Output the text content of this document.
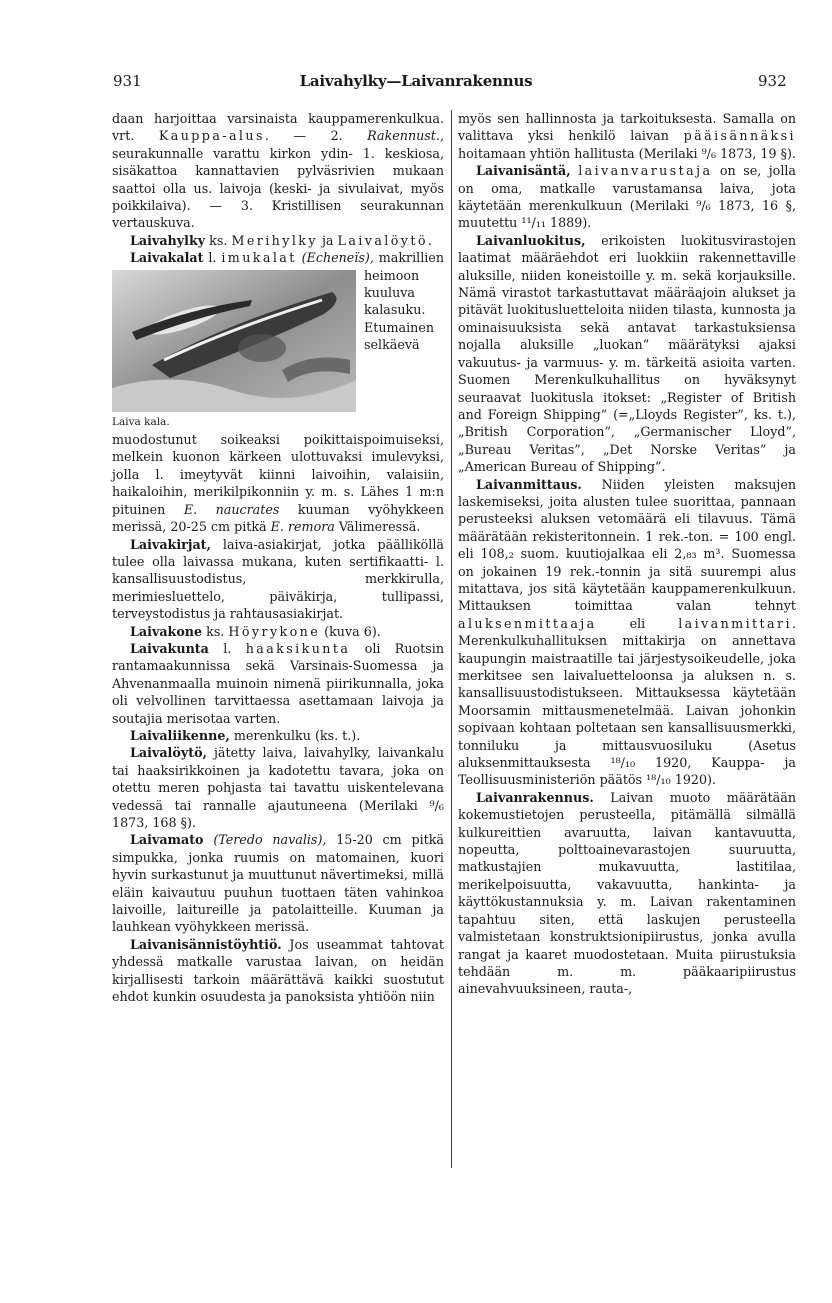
931	Laivahylky—Laivanrakennus	932

daan harjoittaa varsinaista kauppamerenkulkua. vrt. Kauppa-alus. — 2. Rakennust., seurakunnalle varattu kirkon ydin- 1. keskiosa, sisäkattoa kannattavien pylväsrivien mukaan saattoi olla us. laivoja (keski- ja sivulaivat, myös poikkilaiva). — 3. Kristillisen seurakunnan vertauskuva.

Laivahylky ks. Merihylky ja Laivalöytö.

Laivakalat l. imukalat (Echeneïs),
Laiva kala.
makrillien heimoon kuuluva kalasuku. Etumainen selkäevä muodostunut soikeaksi poikittaispoimuiseksi, melkein kuonon kärkeen ulottuvaksi imulevyksi, jolla l. imeytyvät kiinni laivoihin, valaisiin, haikaloihin, merikilpikonniin y. m. s. Lähes 1 m:n pituinen E. naucrates kuuman vyöhykkeen merissä, 20-25 cm pitkä E. remora Välimeressä.

Laivakirjat, laiva-asiakirjat, jotka päälliköllä tulee olla laivassa mukana, kuten sertifikaatti- l. kansallisuustodistus, merkkirulla, merimiesluettelo, päiväkirja, tullipassi, terveystodistus ja rahtausasiakirjat.

Laivakone ks. Höyrykone (kuva 6).

Laivakunta l. haaksikunta oli Ruotsin rantamaakunnissa sekä Varsinais-Suomessa ja Ahvenanmaalla muinoin nimenä piirikunnalla, joka oli velvollinen tarvittaessa asettamaan laivoja ja soutajia merisotaa varten.

Laivaliikenne, merenkulku (ks. t.).

Laivalöytö, jätetty laiva, laivahylky, laivankalu tai haaksirikkoinen ja kadotettu tavara, joka on otettu meren pohjasta tai tavattu uiskentelevana vedessä tai rannalle ajautuneena (Merilaki ⁹/₆ 1873, 168 §).

Laivamato (Teredo navalis), 15-20 cm pitkä simpukka, jonka ruumis on matomainen, kuori hyvin surkastunut ja muuttunut nävertimeksi, millä eläin kaivautuu puuhun tuottaen täten vahinkoa laivoille, laitureille ja patolaitteille. Kuuman ja lauhkean vyöhykkeen merissä.

Laivanisännistöyhtiö. Jos useammat tahtovat yhdessä matkalle varustaa laivan, on heidän kirjallisesti tarkoin määrättävä kaikki suostutut ehdot kunkin osuudesta ja panoksista yhtiöön niin

myös sen hallinnosta ja tarkoituksesta. Samalla on valittava yksi henkilö laivan pääisännäksi hoitamaan yhtiön hallitusta (Merilaki ⁹/₆ 1873, 19 §).

Laivanisäntä, laivanvarustaja on se, jolla on oma, matkalle varustamansa laiva, jota käytetään merenkulkuun (Merilaki ⁹/₆ 1873, 16 §, muutettu ¹¹/₁₁ 1889).

Laivanluokitus, erikoisten luokitusvirastojen laatimat määräehdot eri luokkiin rakennettaville aluksille, niiden koneistoille y. m. sekä korjauksille. Nämä virastot tarkastuttavat määräajoin alukset ja pitävät luokitusluetteloita niiden tilasta, kunnosta ja ominaisuuksista sekä antavat tarkastuksiensa nojalla aluksille „luokan” määrätyksi ajaksi vakuutus- ja varmuus- y. m. tärkeitä asioita varten. Suomen Merenkulkuhallitus on hyväksynyt seuraavat luokitusla itokset: „Register of British and Foreign Shipping” (=„Lloyds Register”, ks. t.), „British Corporation”, „Germanischer Lloyd”, „Bureau Veritas”, „Det Norske Veritas” ja „American Bureau of Shipping”.

Laivanmittaus. Niiden yleisten maksujen laskemiseksi, joita alusten tulee suorittaa, pannaan perusteeksi aluksen vetomäärä eli tilavuus. Tämä määrätään rekisteritonnein. 1 rek.-ton. = 100 engl. eli 108,₂ suom. kuutiojalkaa eli 2,₈₃ m³. Suomessa on jokainen 19 rek.-tonnin ja sitä suurempi alus mitattava, jos sitä käytetään kauppamerenkulkuun. Mittauksen toimittaa valan tehnyt aluksenmittaaja eli laivanmittari. Merenkulkuhallituksen mittakirja on annettava kaupungin maistraatille tai järjestysoikeudelle, joka merkitsee sen laivaluetteloonsa ja aluksen n. s. kansallisuustodistukseen. Mittauksessa käytetään Moorsamin mittausmenetelmää. Laivan johonkin sopivaan kohtaan poltetaan sen kansallisuusmerkki, tonniluku ja mittausvuosiluku (Asetus aluksenmittauksesta ¹⁸/₁₀ 1920, Kauppa- ja Teollisuusministeriön päätös ¹⁸/₁₀ 1920).

Laivanrakennus. Laivan muoto määrätään kokemustietojen perusteella, pitämällä silmällä kulkureittien avaruutta, laivan kantavuutta, nopeutta, polttoainevarastojen suuruutta, matkustajien mukavuutta, lastitilaa, merikelpoisuutta, vakavuutta, hankinta- ja käyttökustannuksia y. m. Laivan rakentaminen tapahtuu siten, että laskujen perusteella valmistetaan konstruktsionipiirustus, jonka avulla rangat ja kaaret muodostetaan. Muita piirustuksia tehdään m. m. pääkaaripiirustus ainevahvuuksineen, rauta-,
